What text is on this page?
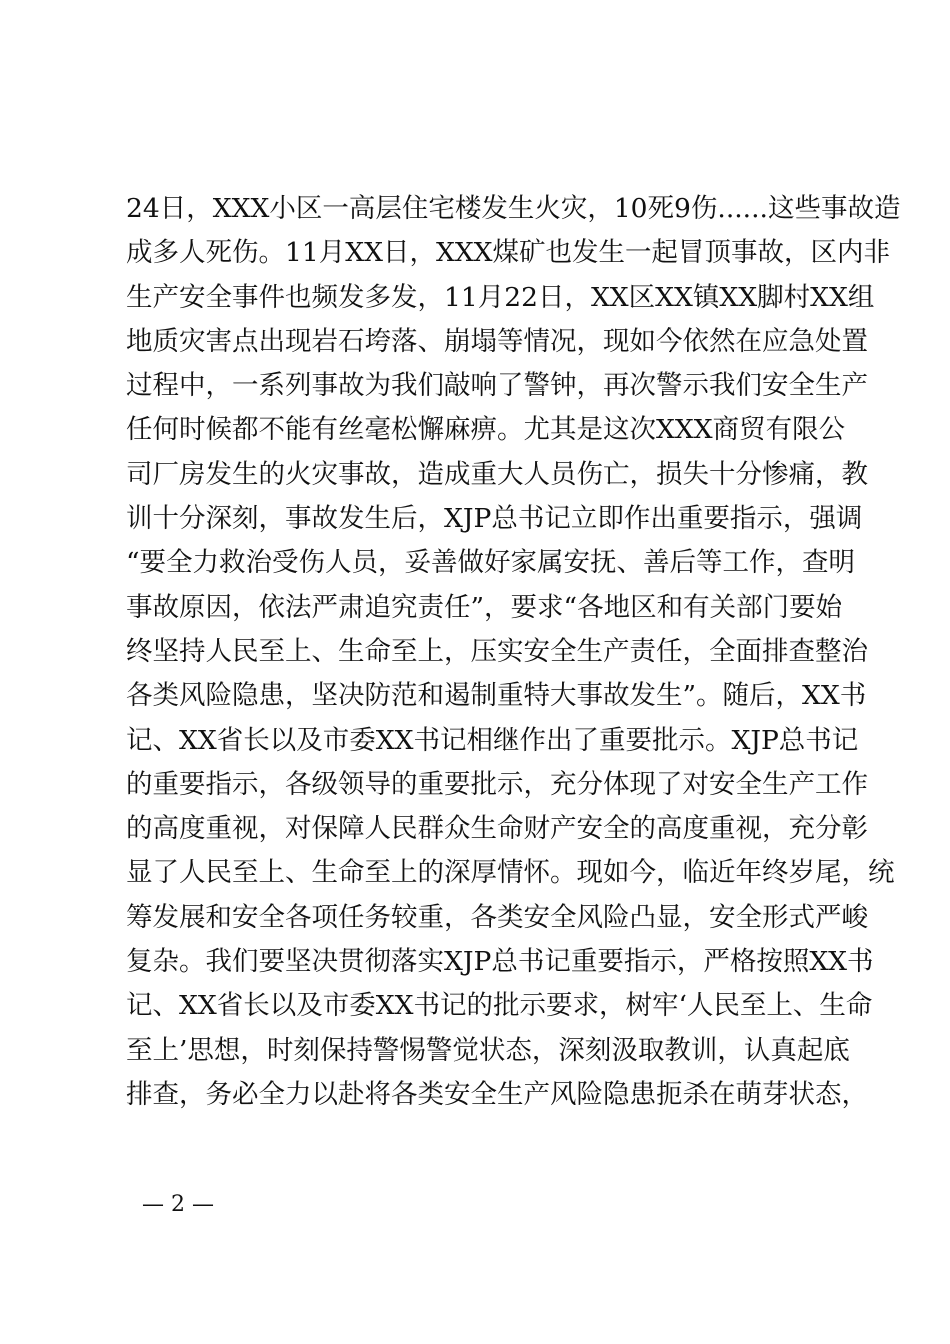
24日，XXX小区一高层住宅楼发生火灾，10死9伤......这些事故造
成多人死伤。11月XX日，XXX煤矿也发生一起冒顶事故，区内非
生产安全事件也频发多发，11月22日，XX区XX镇XX脚村XX组
地质灾害点出现岩石垮落、崩塌等情况，现如今依然在应急处置
过程中，一系列事故为我们敲响了警钟，再次警示我们安全生产
任何时候都不能有丝毫松懈麻痹。尤其是这次XXX商贸有限公
司厂房发生的火灾事故，造成重大人员伤亡，损失十分惨痛，教
训十分深刻，事故发生后，XJP总书记立即作出重要指示，强调
“要全力救治受伤人员，妥善做好家属安抚、善后等工作，查明
事故原因，依法严肃追究责任”，要求“各地区和有关部门要始
终坚持人民至上、生命至上，压实安全生产责任，全面排查整治
各类风险隐患，坚决防范和遏制重特大事故发生”。随后，XX书
记、XX省长以及市委XX书记相继作出了重要批示。XJP总书记
的重要指示，各级领导的重要批示，充分体现了对安全生产工作
的高度重视，对保障人民群众生命财产安全的高度重视，充分彰
显了人民至上、生命至上的深厚情怀。现如今，临近年终岁尾，统
筹发展和安全各项任务较重，各类安全风险凸显，安全形式严峻
复杂。我们要坚决贯彻落实XJP总书记重要指示，严格按照XX书
记、XX省长以及市委XX书记的批示要求，树牢‘人民至上、生命
至上’思想，时刻保持警惕警觉状态，深刻汲取教训，认真起底
排查，务必全力以赴将各类安全生产风险隐患扼杀在萌芽状态，
— 2 —
